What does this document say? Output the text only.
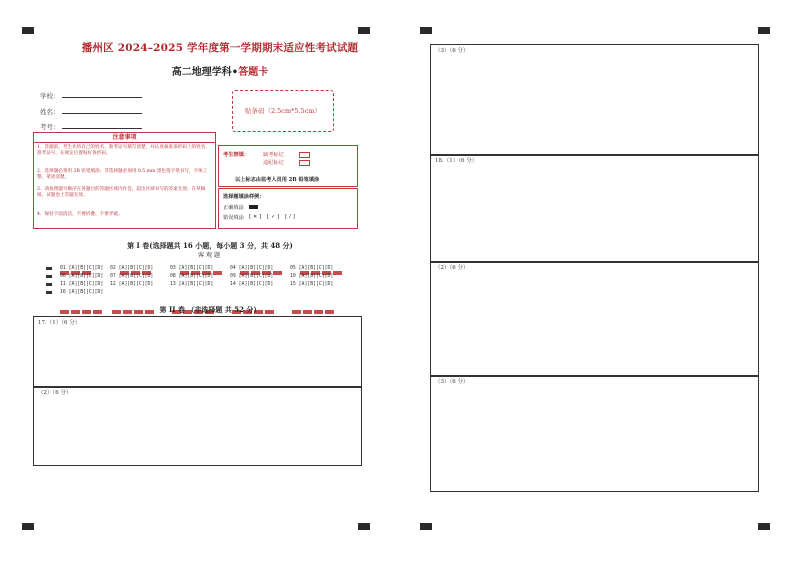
播州区 2024–2025 学年度第一学期期末适应性考试试题
高二地理学科•答题卡
学校：
姓名：
考号：
贴条码（2.5cm*5.5cm）
注意事项
1．答题前，考生先将自己的姓名、准考证号填写清楚，并认真核准条形码上的姓名、准考证号，在规定位置贴好条形码。
2．选择题必须用 2B 铅笔填涂；非选择题必须用 0.5 mm 黑色签字笔书写，字体工整、笔迹清楚。
3．请按照题号顺序在各题目的答题区域内作答，超出区域书写的答案无效；在草稿纸、试题卷上答题无效。
4．保持卡面清洁，不要折叠、不要弄破。
考生禁填：	缺考标记
违纪标记
以上标志由监考人员用 2B 铅笔填涂
选择题填涂样例：
正确填涂
错误填涂 [✕] [✓] [/]
第 I 卷(选择题共 16 小题，每小题 3 分，共 48 分)
客观题
01 [A][B][C][D] 02 [A][B][C][D]	03 [A][B][C][D]	04 [A][B][C][D]	05 [A][B][C][D]
06 [A][B][C][D] 07 [A][B][C][D]	08 [A][B][C][D]	09 [A][B][C][D]	10 [A][B][C][D]
11 [A][B][C][D] 12 [A][B][C][D]	13 [A][B][C][D]	14 [A][B][C][D]	15 [A][B][C][D]
16 [A][B][C][D]
第 II 卷 （非选择题 共 52 分）
17.（1）（6 分）
（2）（6 分）
（3）（6 分）
18.（1）（6 分）
（2）（6 分）
（3）（6 分）
